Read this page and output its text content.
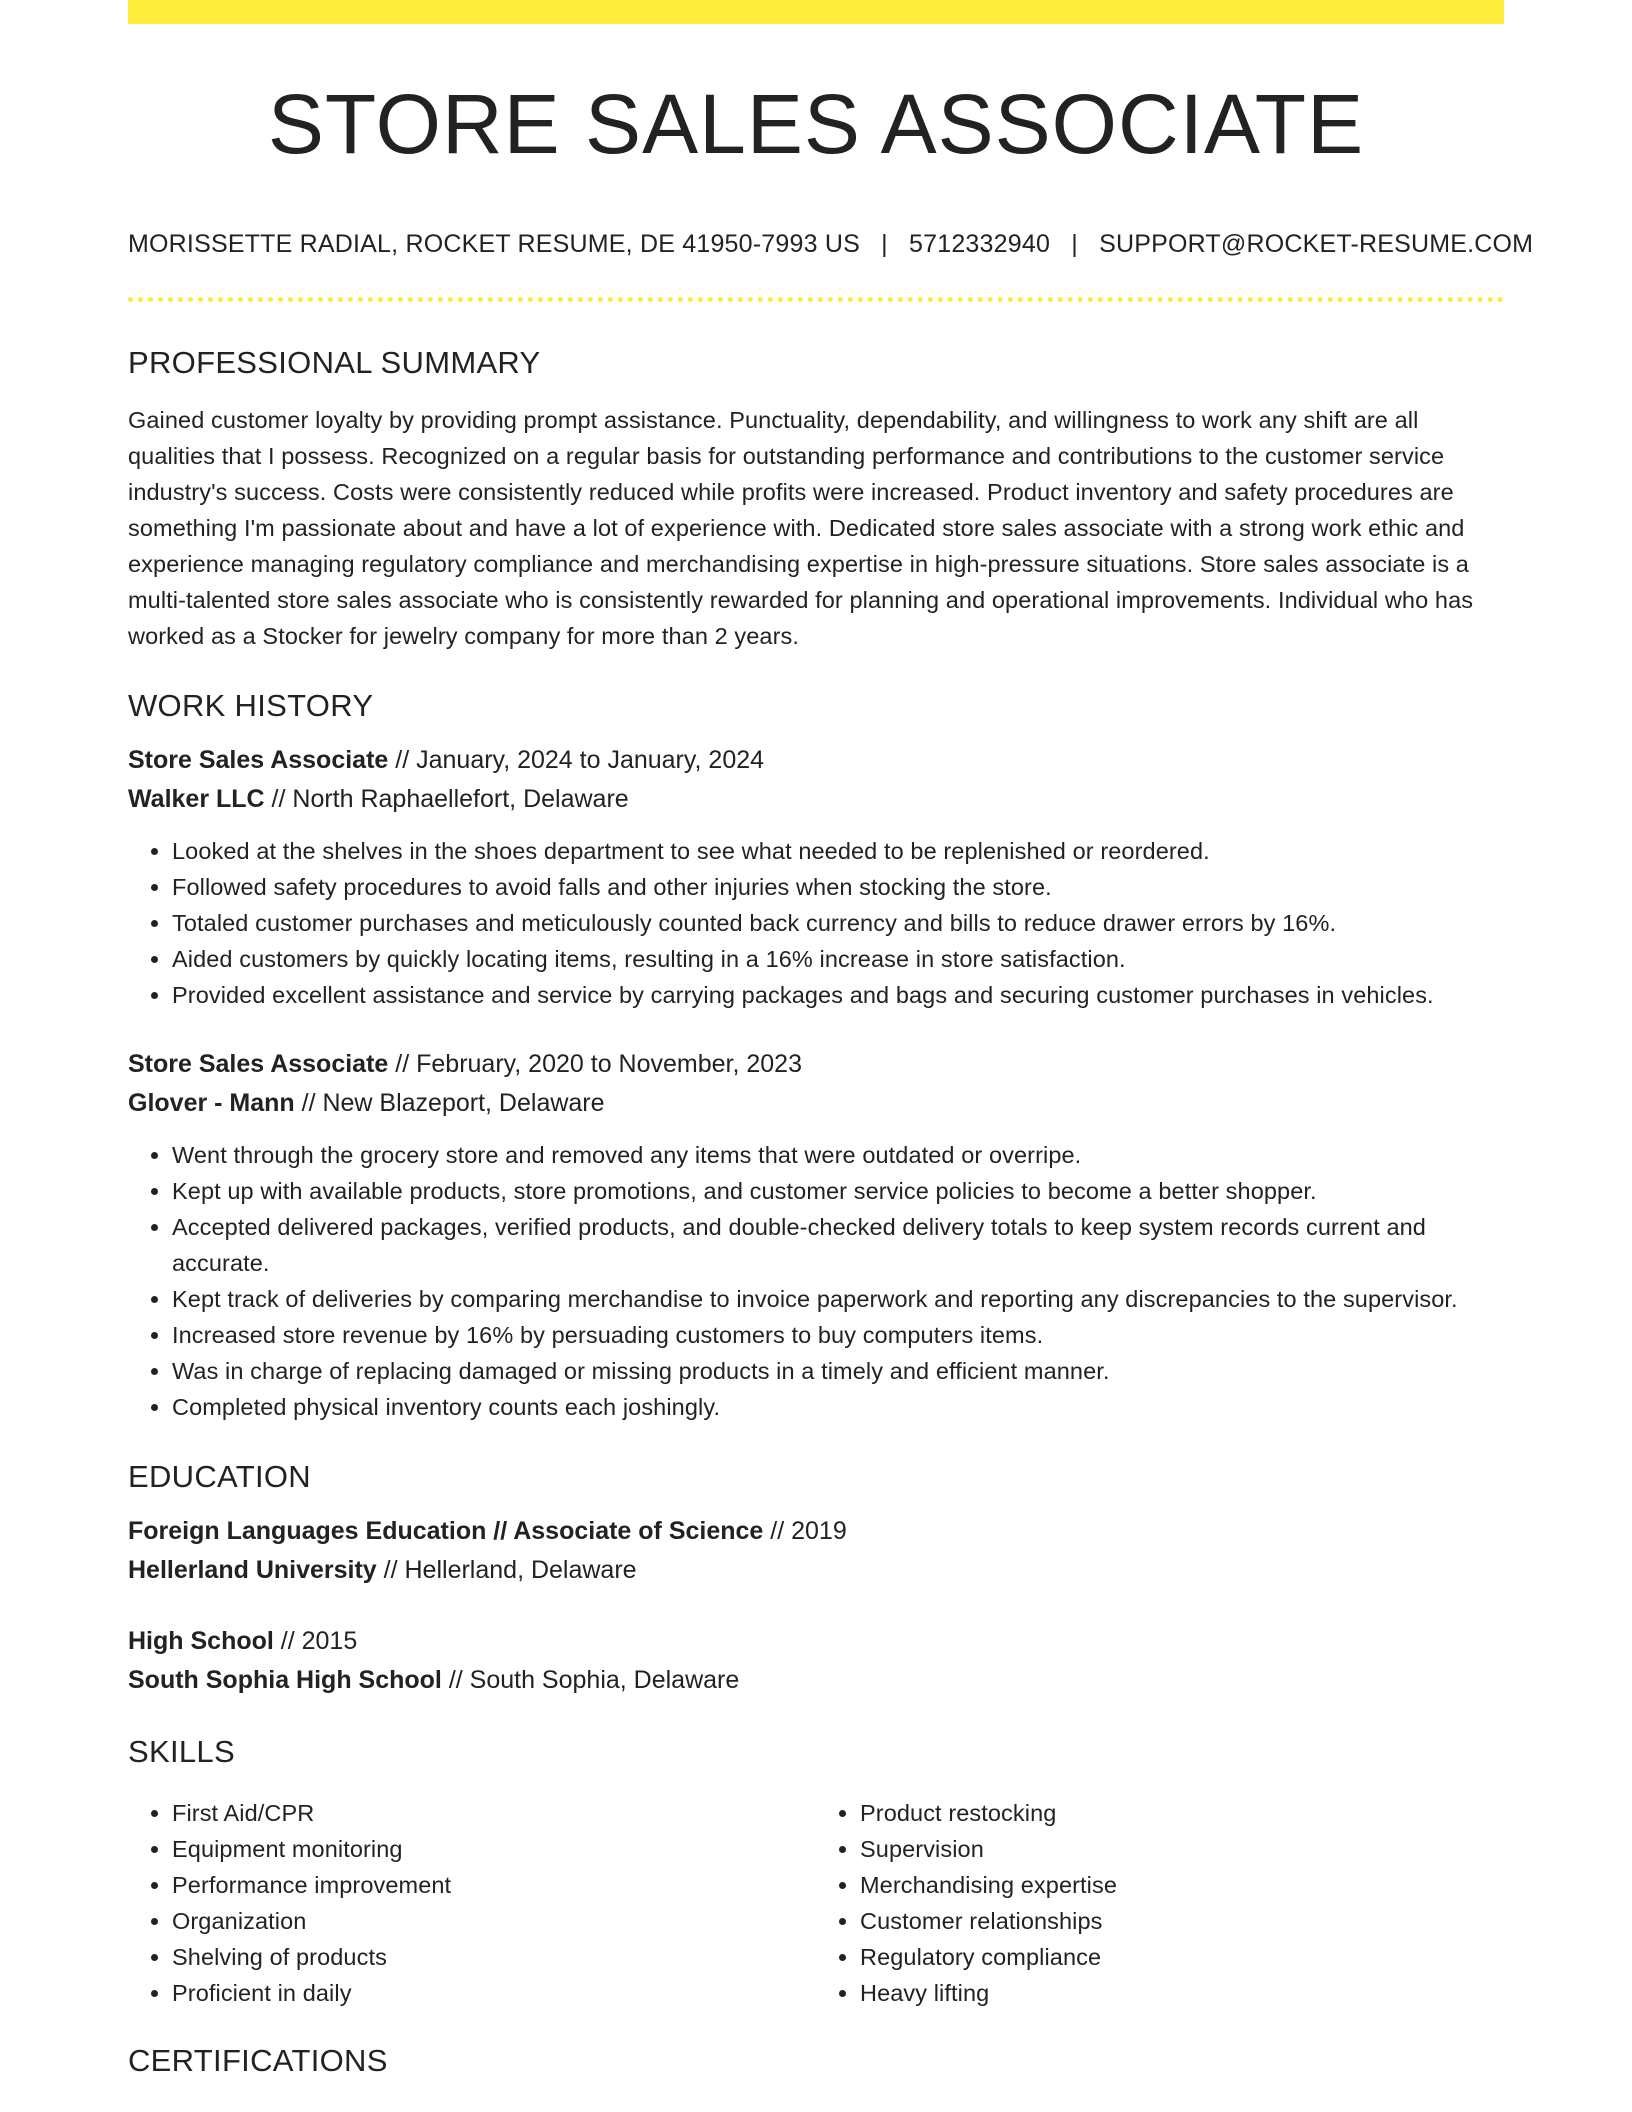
STORE SALES ASSOCIATE
MORISSETTE RADIAL, ROCKET RESUME, DE 41950-7993 US | 5712332940 | SUPPORT@ROCKET-RESUME.COM
PROFESSIONAL SUMMARY
Gained customer loyalty by providing prompt assistance. Punctuality, dependability, and willingness to work any shift are all qualities that I possess. Recognized on a regular basis for outstanding performance and contributions to the customer service industry's success. Costs were consistently reduced while profits were increased. Product inventory and safety procedures are something I'm passionate about and have a lot of experience with. Dedicated store sales associate with a strong work ethic and experience managing regulatory compliance and merchandising expertise in high-pressure situations. Store sales associate is a multi-talented store sales associate who is consistently rewarded for planning and operational improvements. Individual who has worked as a Stocker for jewelry company for more than 2 years.
WORK HISTORY
Store Sales Associate // January, 2024 to January, 2024
Walker LLC // North Raphaellefort, Delaware
• Looked at the shelves in the shoes department to see what needed to be replenished or reordered.
• Followed safety procedures to avoid falls and other injuries when stocking the store.
• Totaled customer purchases and meticulously counted back currency and bills to reduce drawer errors by 16%.
• Aided customers by quickly locating items, resulting in a 16% increase in store satisfaction.
• Provided excellent assistance and service by carrying packages and bags and securing customer purchases in vehicles.
Store Sales Associate // February, 2020 to November, 2023
Glover - Mann // New Blazeport, Delaware
• Went through the grocery store and removed any items that were outdated or overripe.
• Kept up with available products, store promotions, and customer service policies to become a better shopper.
• Accepted delivered packages, verified products, and double-checked delivery totals to keep system records current and accurate.
• Kept track of deliveries by comparing merchandise to invoice paperwork and reporting any discrepancies to the supervisor.
• Increased store revenue by 16% by persuading customers to buy computers items.
• Was in charge of replacing damaged or missing products in a timely and efficient manner.
• Completed physical inventory counts each joshingly.
EDUCATION
Foreign Languages Education // Associate of Science // 2019
Hellerland University // Hellerland, Delaware
High School // 2015
South Sophia High School // South Sophia, Delaware
SKILLS
• First Aid/CPR
• Equipment monitoring
• Performance improvement
• Organization
• Shelving of products
• Proficient in daily
• Product restocking
• Supervision
• Merchandising expertise
• Customer relationships
• Regulatory compliance
• Heavy lifting
CERTIFICATIONS
